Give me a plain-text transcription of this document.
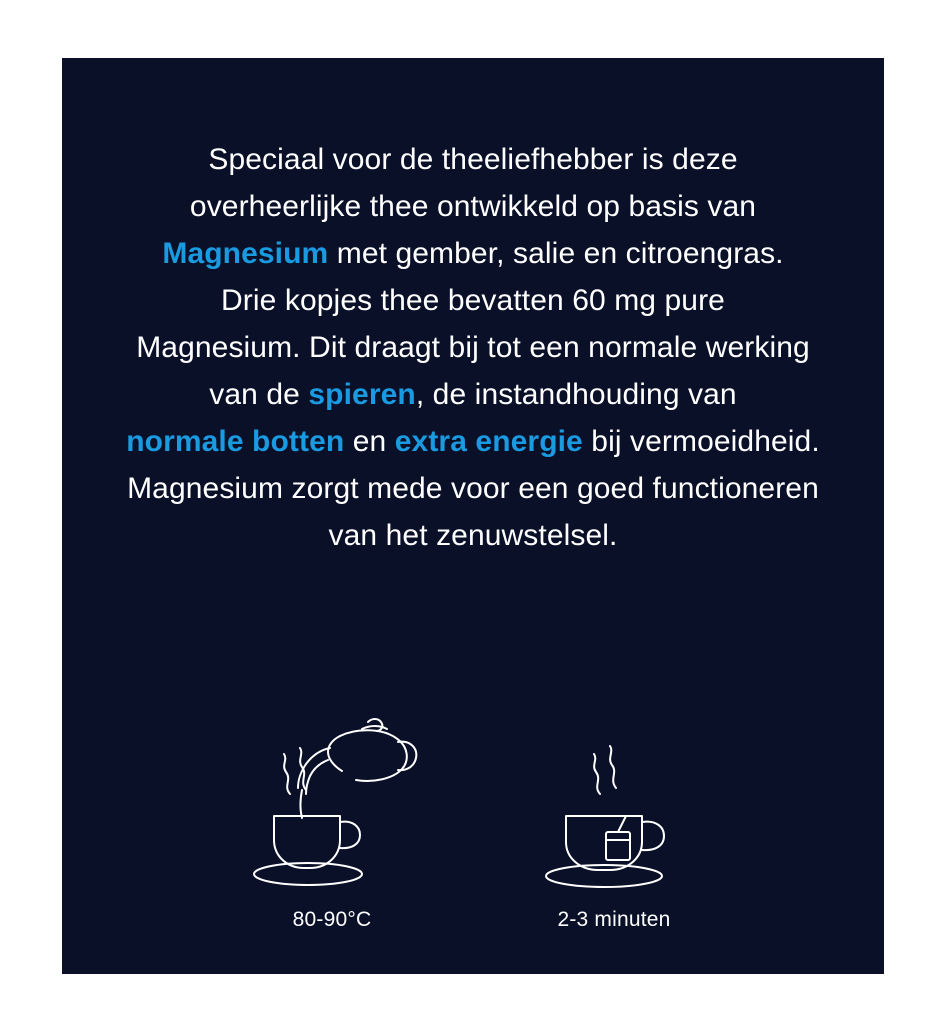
Speciaal voor de theeliefhebber is deze
overheerlijke thee ontwikkeld op basis van
Magnesium met gember, salie en citroengras.
Drie kopjes thee bevatten 60 mg pure
Magnesium. Dit draagt bij tot een normale werking
van de spieren, de instandhouding van
normale botten en extra energie bij vermoeidheid.
Magnesium zorgt mede voor een goed functioneren
van het zenuwstelsel.
80-90°C	2-3 minuten
